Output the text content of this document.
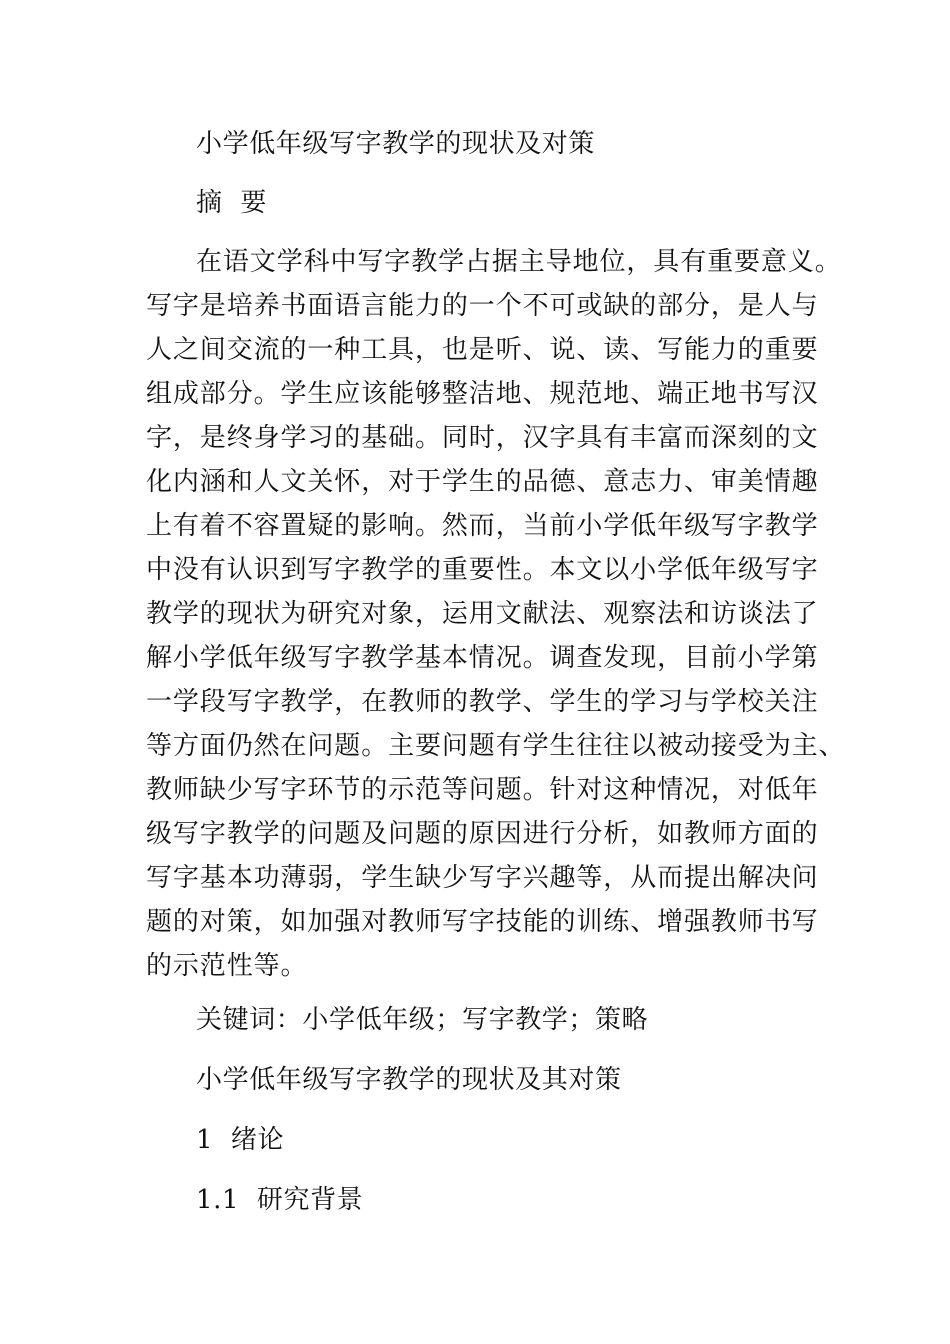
小学低年级写字教学的现状及对策
摘  要
在语文学科中写字教学占据主导地位，具有重要意义。
写字是培养书面语言能力的一个不可或缺的部分，是人与
人之间交流的一种工具，也是听、说、读、写能力的重要
组成部分。学生应该能够整洁地、规范地、端正地书写汉
字，是终身学习的基础。同时，汉字具有丰富而深刻的文
化内涵和人文关怀，对于学生的品德、意志力、审美情趣
上有着不容置疑的影响。然而，当前小学低年级写字教学
中没有认识到写字教学的重要性。本文以小学低年级写字
教学的现状为研究对象，运用文献法、观察法和访谈法了
解小学低年级写字教学基本情况。调查发现，目前小学第
一学段写字教学，在教师的教学、学生的学习与学校关注
等方面仍然在问题。主要问题有学生往往以被动接受为主、
教师缺少写字环节的示范等问题。针对这种情况，对低年
级写字教学的问题及问题的原因进行分析，如教师方面的
写字基本功薄弱，学生缺少写字兴趣等，从而提出解决问
题的对策，如加强对教师写字技能的训练、增强教师书写
的示范性等。
关键词：小学低年级；写字教学；策略
小学低年级写字教学的现状及其对策
1  绪论
1.1  研究背景
